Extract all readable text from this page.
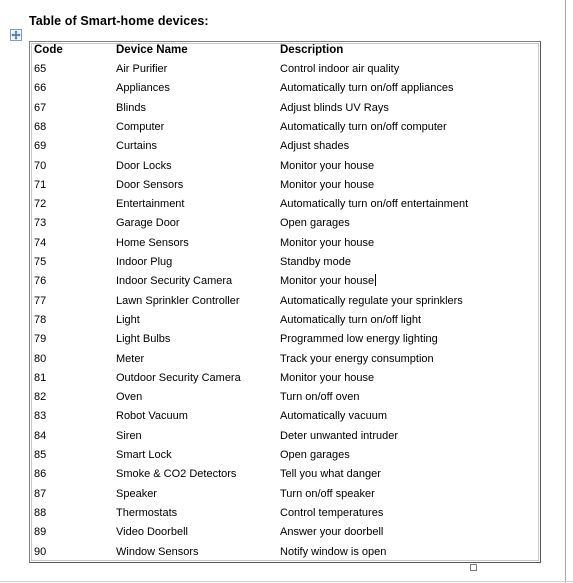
Table of Smart-home devices:
Code	Device Name	Description
65	Air Purifier	Control indoor air quality
66	Appliances	Automatically turn on/off appliances
67	Blinds	Adjust blinds UV Rays
68	Computer	Automatically turn on/off computer
69	Curtains	Adjust shades
70	Door Locks	Monitor your house
71	Door Sensors	Monitor your house
72	Entertainment	Automatically turn on/off entertainment
73	Garage Door	Open garages
74	Home Sensors	Monitor your house
75	Indoor Plug	Standby mode
76	Indoor Security Camera	Monitor your house
77	Lawn Sprinkler Controller	Automatically regulate your sprinklers
78	Light	Automatically turn on/off light
79	Light Bulbs	Programmed low energy lighting
80	Meter	Track your energy consumption
81	Outdoor Security Camera	Monitor your house
82	Oven	Turn on/off oven
83	Robot Vacuum	Automatically vacuum
84	Siren	Deter unwanted intruder
85	Smart Lock	Open garages
86	Smoke & CO2 Detectors	Tell you what danger
87	Speaker	Turn on/off speaker
88	Thermostats	Control temperatures
89	Video Doorbell	Answer your doorbell
90	Window Sensors	Notify window is open
